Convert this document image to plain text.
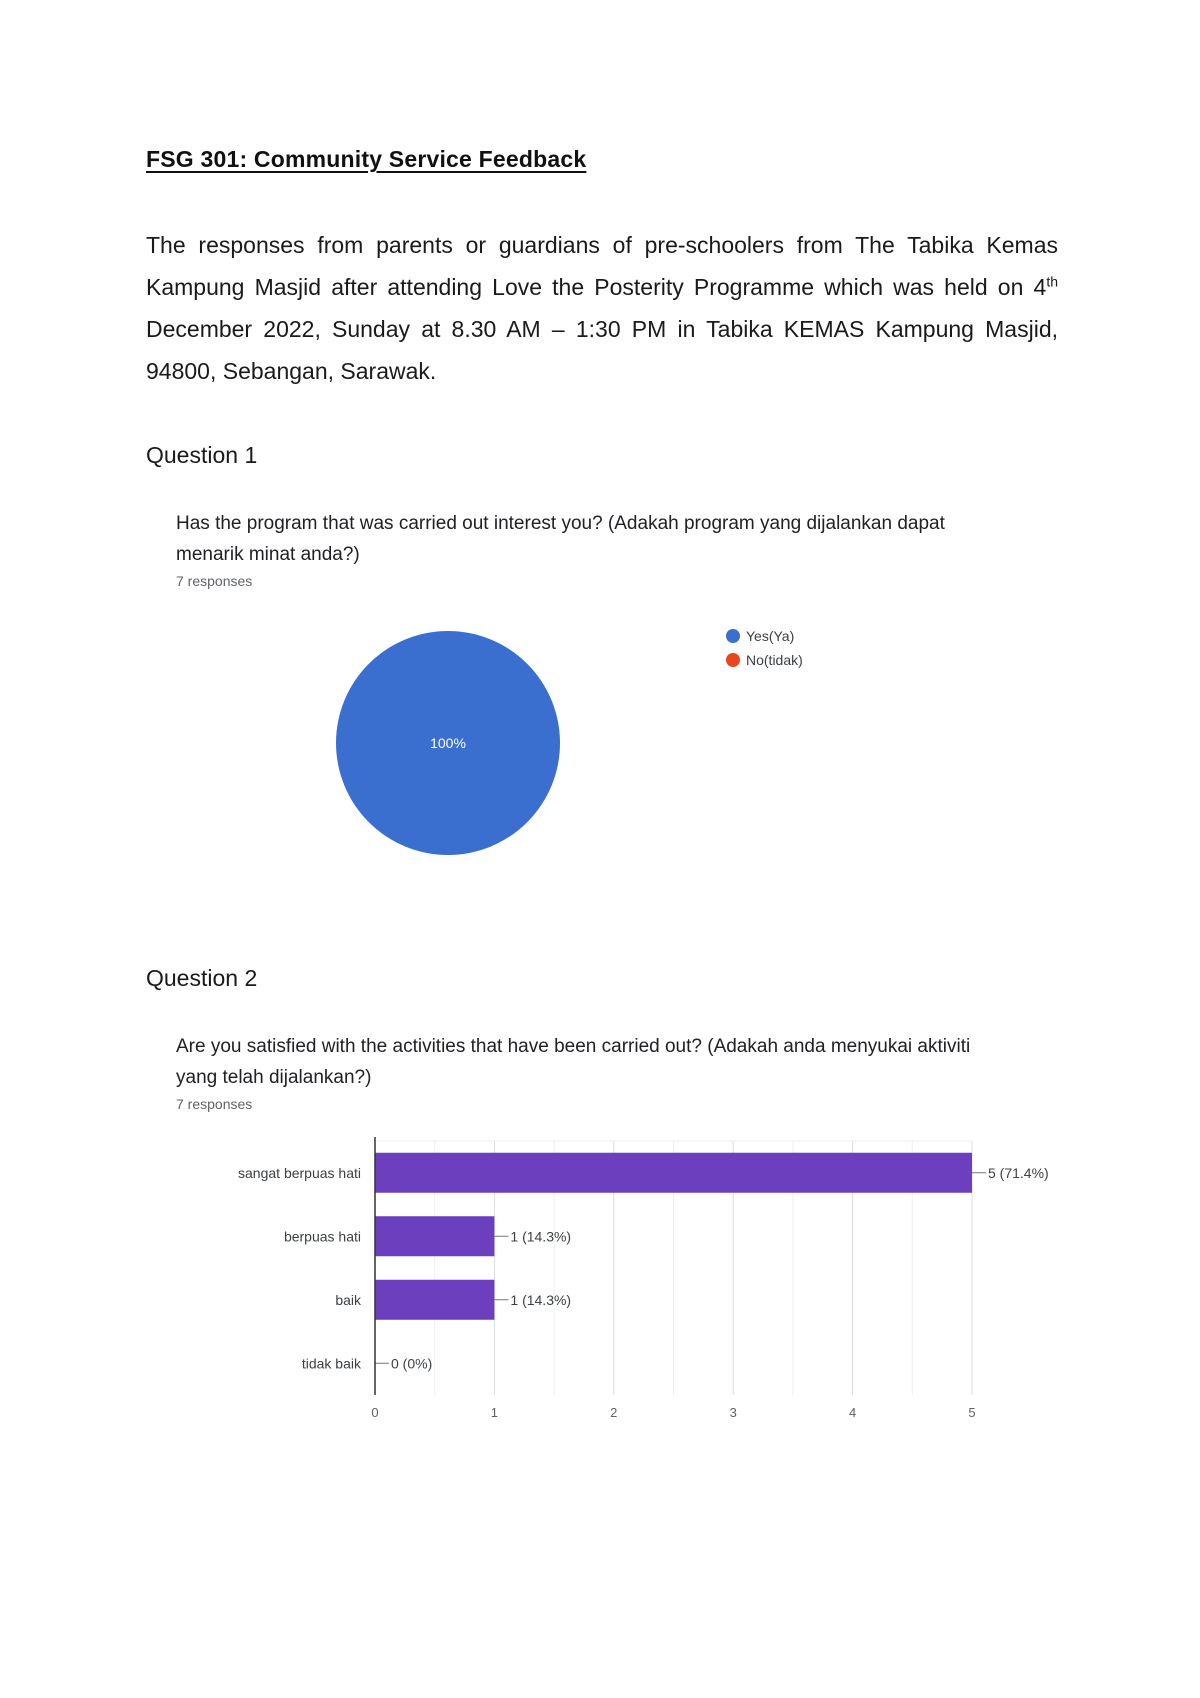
FSG 301: Community Service Feedback

The responses from parents or guardians of pre-schoolers from The Tabika Kemas Kampung Masjid after attending Love the Posterity Programme which was held on 4th December 2022, Sunday at 8.30 AM – 1:30 PM in Tabika KEMAS Kampung Masjid, 94800, Sebangan, Sarawak.

Question 1

Has the program that was carried out interest you? (Adakah program yang dijalankan dapat menarik minat anda?)

7 responses
100%
Yes(Ya)
No(tidak)
Question 2

Are you satisfied with the activities that have been carried out? (Adakah anda menyukai aktiviti yang telah dijalankan?)

7 responses
sangat berpuas hati	5 (71.4%)
berpuas hati	1 (14.3%)
baik	1 (14.3%)
tidak baik 0 (0%)
0	1	2	3	4	5
